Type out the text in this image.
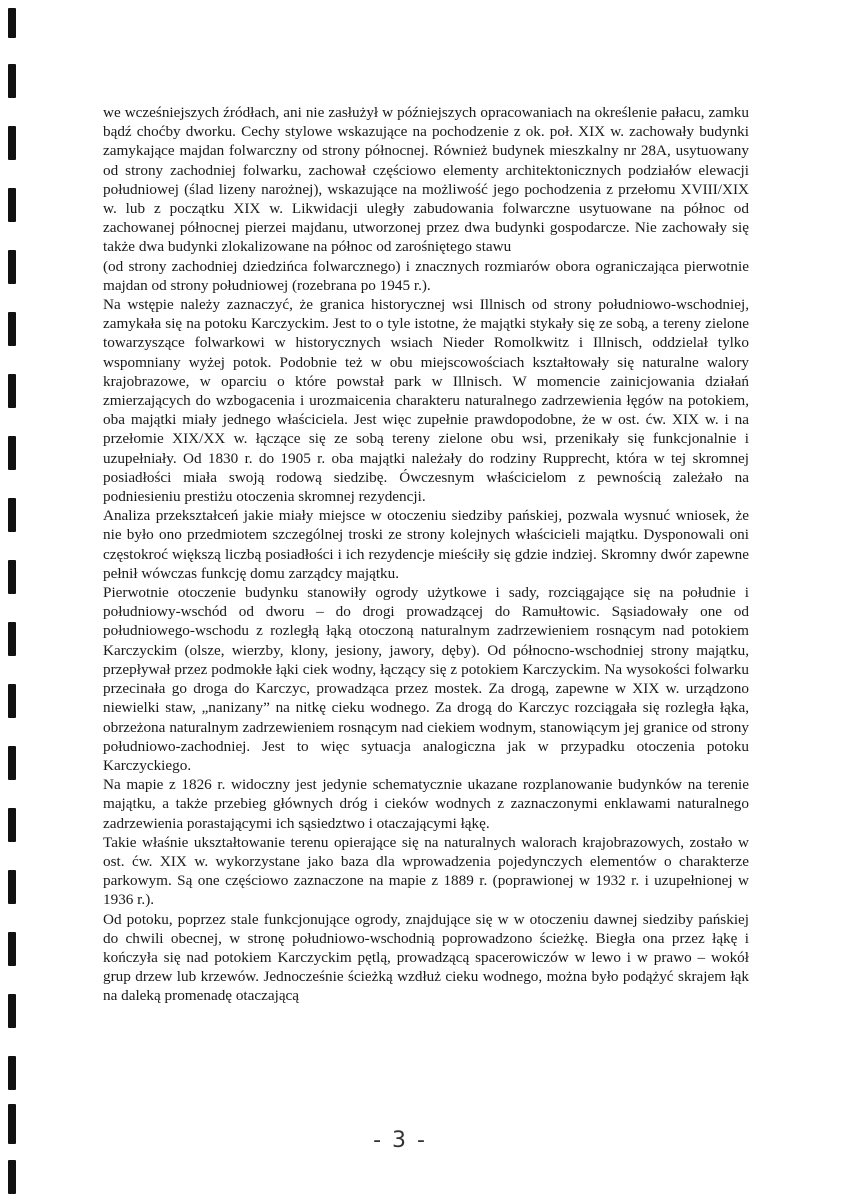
we wcześniejszych źródłach, ani nie zasłużył w późniejszych opracowaniach na określenie pałacu, zamku bądź choćby dworku. Cechy stylowe wskazujące na pochodzenie z ok. poł. XIX w. zachowały budynki zamykające majdan folwarczny od strony północnej. Również budynek mieszkalny nr 28A, usytuowany od strony zachodniej folwarku, zachował częściowo elementy architektonicznych podziałów elewacji południowej (ślad lizeny narożnej), wskazujące na możliwość jego pochodzenia z przełomu XVIII/XIX w. lub z początku XIX w. Likwidacji uległy zabudowania folwarczne usytuowane na północ od zachowanej północnej pierzei majdanu, utworzonej przez dwa budynki gospodarcze. Nie zachowały się także dwa budynki zlokalizowane na północ od zarośniętego stawu

(od strony zachodniej dziedzińca folwarcznego) i znacznych rozmiarów obora ograniczająca pierwotnie majdan od strony południowej (rozebrana po 1945 r.).

Na wstępie należy zaznaczyć, że granica historycznej wsi Illnisch od strony południowo-wschodniej, zamykała się na potoku Karczyckim. Jest to o tyle istotne, że majątki stykały się ze sobą, a tereny zielone towarzyszące folwarkowi w historycznych wsiach Nieder Romolkwitz i Illnisch, oddzielał tylko wspomniany wyżej potok. Podobnie też w obu miejscowościach kształtowały się naturalne walory krajobrazowe, w oparciu o które powstał park w Illnisch. W momencie zainicjowania działań zmierzających do wzbogacenia i urozmaicenia charakteru naturalnego zadrzewienia łęgów na potokiem, oba majątki miały jednego właściciela. Jest więc zupełnie prawdopodobne, że w ost. ćw. XIX w. i na przełomie XIX/XX w. łączące się ze sobą tereny zielone obu wsi, przenikały się funkcjonalnie i uzupełniały. Od 1830 r. do 1905 r. oba majątki należały do rodziny Rupprecht, która w tej skromnej posiadłości miała swoją rodową siedzibę. Ówczesnym właścicielom z pewnością zależało na podniesieniu prestiżu otoczenia skromnej rezydencji.

Analiza przekształceń jakie miały miejsce w otoczeniu siedziby pańskiej, pozwala wysnuć wniosek, że nie było ono przedmiotem szczególnej troski ze strony kolejnych właścicieli majątku. Dysponowali oni częstokroć większą liczbą posiadłości i ich rezydencje mieściły się gdzie indziej. Skromny dwór zapewne pełnił wówczas funkcję domu zarządcy majątku.

Pierwotnie otoczenie budynku stanowiły ogrody użytkowe i sady, rozciągające się na południe i południowy-wschód od dworu – do drogi prowadzącej do Ramułtowic. Sąsiadowały one od południowego-wschodu z rozległą łąką otoczoną naturalnym zadrzewieniem rosnącym nad potokiem Karczyckim (olsze, wierzby, klony, jesiony, jawory, dęby). Od północno-wschodniej strony majątku, przepływał przez podmokłe łąki ciek wodny, łączący się z potokiem Karczyckim. Na wysokości folwarku przecinała go droga do Karczyc, prowadząca przez mostek. Za drogą, zapewne w XIX w. urządzono niewielki staw, „nanizany” na nitkę cieku wodnego. Za drogą do Karczyc rozciągała się rozległa łąka, obrzeżona naturalnym zadrzewieniem rosnącym nad ciekiem wodnym, stanowiącym jej granice od strony południowo-zachodniej. Jest to więc sytuacja analogiczna jak w przypadku otoczenia potoku Karczyckiego.

Na mapie z 1826 r. widoczny jest jedynie schematycznie ukazane rozplanowanie budynków na terenie majątku, a także przebieg głównych dróg i cieków wodnych z zaznaczonymi enklawami naturalnego zadrzewienia porastającymi ich sąsiedztwo i otaczającymi łąkę.

Takie właśnie ukształtowanie terenu opierające się na naturalnych walorach krajobrazowych, zostało w ost. ćw. XIX w. wykorzystane jako baza dla wprowadzenia pojedynczych elementów o charakterze parkowym. Są one częściowo zaznaczone na mapie z 1889 r. (poprawionej w 1932 r. i uzupełnionej w 1936 r.).

Od potoku, poprzez stale funkcjonujące ogrody, znajdujące się w w otoczeniu dawnej siedziby pańskiej do chwili obecnej, w stronę południowo-wschodnią poprowadzono ścieżkę. Biegła ona przez łąkę i kończyła się nad potokiem Karczyckim pętlą, prowadzącą spacerowiczów w lewo i w prawo – wokół grup drzew lub krzewów. Jednocześnie ścieżką wzdłuż cieku wodnego, można było podążyć skrajem łąk na daleką promenadę otaczającą

- 3 -
